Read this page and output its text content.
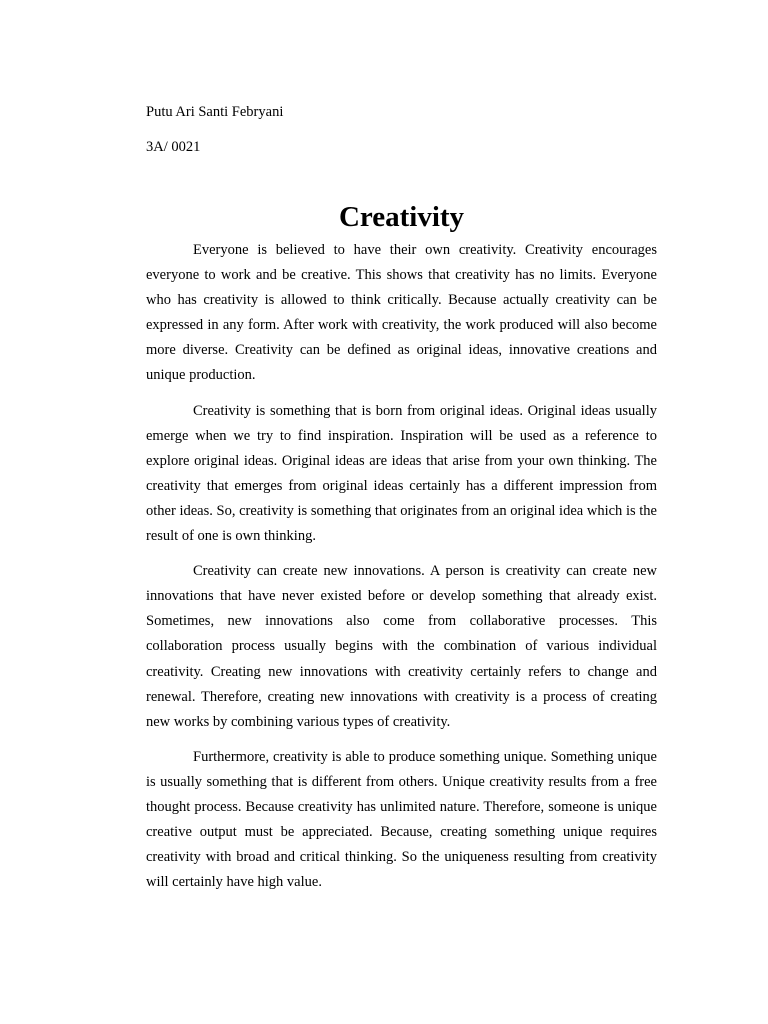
Putu Ari Santi Febryani

3A/ 0021

Creativity

Everyone is believed to have their own creativity. Creativity encourages everyone to work and be creative. This shows that creativity has no limits. Everyone who has creativity is allowed to think critically. Because actually creativity can be expressed in any form. After work with creativity, the work produced will also become more diverse. Creativity can be defined as original ideas, innovative creations and unique production.

Creativity is something that is born from original ideas. Original ideas usually emerge when we try to find inspiration. Inspiration will be used as a reference to explore original ideas. Original ideas are ideas that arise from your own thinking. The creativity that emerges from original ideas certainly has a different impression from other ideas. So, creativity is something that originates from an original idea which is the result of one is own thinking.

Creativity can create new innovations. A person is creativity can create new innovations that have never existed before or develop something that already exist. Sometimes, new innovations also come from collaborative processes. This collaboration process usually begins with the combination of various individual creativity. Creating new innovations with creativity certainly refers to change and renewal. Therefore, creating new innovations with creativity is a process of creating new works by combining various types of creativity.

Furthermore, creativity is able to produce something unique. Something unique is usually something that is different from others. Unique creativity results from a free thought process. Because creativity has unlimited nature. Therefore, someone is unique creative output must be appreciated. Because, creating something unique requires creativity with broad and critical thinking. So the uniqueness resulting from creativity will certainly have high value.
